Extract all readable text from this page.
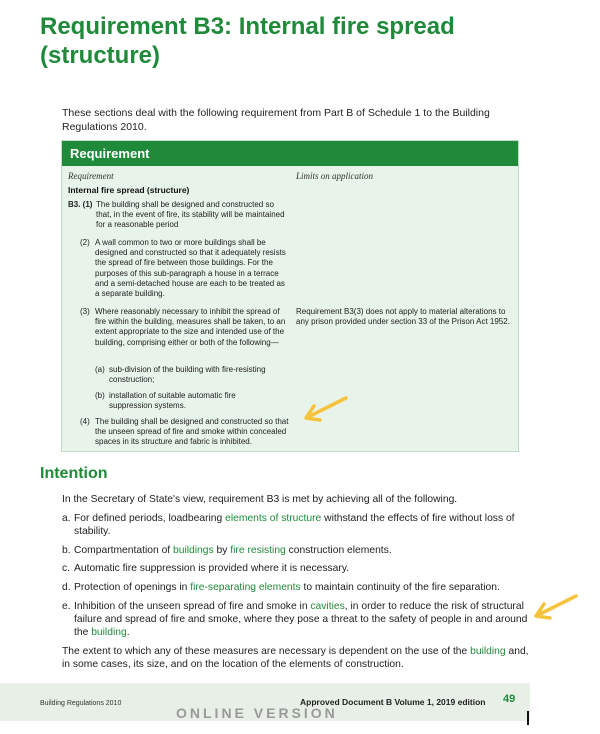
Requirement B3: Internal fire spread (structure)
These sections deal with the following requirement from Part B of Schedule 1 to the Building Regulations 2010.
Requirement
Requirement	Limits on application
Internal fire spread (structure)
B3. (1) The building shall be designed and constructed so that, in the event of fire, its stability will be maintained for a reasonable period
(2) A wall common to two or more buildings shall be designed and constructed so that it adequately resists the spread of fire between those buildings. For the purposes of this sub-paragraph a house in a terrace and a semi-detached house are each to be treated as a separate building.
(3) Where reasonably necessary to inhibit the spread of fire within the building, measures shall be taken, to an extent appropriate to the size and intended use of the building, comprising either or both of the following—
(a) sub-division of the building with fire-resisting construction;
(b) installation of suitable automatic fire suppression systems.
(4) The building shall be designed and constructed so that the unseen spread of fire and smoke within concealed spaces in its structure and fabric is inhibited.
Requirement B3(3) does not apply to material alterations to any prison provided under section 33 of the Prison Act 1952.
Intention
In the Secretary of State's view, requirement B3 is met by achieving all of the following.
a. For defined periods, loadbearing elements of structure withstand the effects of fire without loss of stability.
b. Compartmentation of buildings by fire resisting construction elements.
c. Automatic fire suppression is provided where it is necessary.
d. Protection of openings in fire-separating elements to maintain continuity of the fire separation.
e. Inhibition of the unseen spread of fire and smoke in cavities, in order to reduce the risk of structural failure and spread of fire and smoke, where they pose a threat to the safety of people in and around the building.
The extent to which any of these measures are necessary is dependent on the use of the building and, in some cases, its size, and on the location of the elements of construction.
Building Regulations 2010	Approved Document B Volume 1, 2019 edition 49
ONLINE VERSION
